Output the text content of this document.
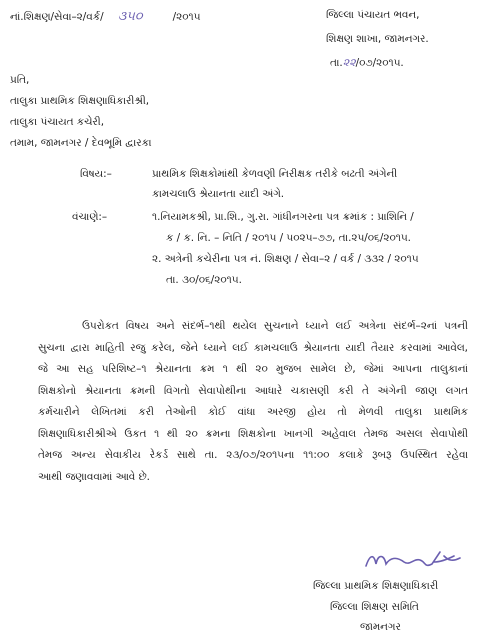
નાં.શિક્ષણ/સેવા–૨/વર્ક/ ૩૫૦	/૨૦૧૫	જિલ્લા પંચાયત ભવન,
શિક્ષણ શાખા, જામનગર.
તા.૨૨/૦૭/૨૦૧૫.
પ્રતિ,
તાલુકા પ્રાથમિક શિક્ષણાધિકારીશ્રી,
તાલુકા પંચાયત કચેરી,
તમામ, જામનગર / દેવભૂમિ દ્વારકા
વિષય:–	પ્રાથમિક શિક્ષકોમાંથી કેળવણી નિરીક્ષક તરીકે બઢતી અંગેની
કામચલાઉ શ્રેયાનતા યાદી અંગે.
વંચાણે:–	૧.નિયામકશ્રી, પ્રા.શિ., ગુ.રા. ગાંધીનગરના પત્ર ક્રમાંક : પ્રાશિનિ /
ક / ક. નિ. – નિતિ / ૨૦૧૫ / ૫૦૨૫–૭૭, તા.૨૫/૦૬/૨૦૧૫.
૨. અત્રેની કચેરીના પત્ર નં. શિક્ષણ / સેવા–૨ / વર્ક / ૩૩૨ / ૨૦૧૫
તા. ૩૦/૦૬/૨૦૧૫.
ઉપરોકત વિષય અને સંદર્ભ–૧થી થયેલ સુચનાને ધ્યાને લઈ અત્રેના સંદર્ભ–૨નાં પત્રની
સુચના દ્વારા માહિતી રજુ કરેલ, જેને ધ્યાને લઈ કામચલાઉ શ્રેયાનતા યાદી તૈયાર કરવામાં આવેલ,
જે આ સહ પરિશિષ્ટ–૧ શ્રેયાનતા ક્રમ ૧ થી ૨૦ મુજબ સામેલ છે, જેમાં આપના તાલુકાનાં
શિક્ષકોનો શ્રેયાનતા ક્રમની વિગતો સેવાપોથીના આધારે ચકાસણી કરી તે અંગેની જાણ લગત
કર્મચારીને લેખિતમાં કરી તેઓની કોઈ વાંધા અરજી હોય તો મેળવી તાલુકા પ્રાથમિક
શિક્ષણાધિકારીશ્રીએ ઉકત ૧ થી ૨૦ ક્રમના શિક્ષકોના ખાનગી અહેવાલ તેમજ અસલ સેવાપોથી
તેમજ અન્ય સેવાકીય રેકર્ડ સાથે તા. ૨૩/૦૭/૨૦૧૫ના ૧૧:૦૦ કલાકે રૂબરૂ ઉપસ્થિત રહેવા
આથી જણાવવામાં આવે છે.
જિલ્લા પ્રાથમિક શિક્ષણાધિકારી
જિલ્લા શિક્ષણ સમિતિ
જામનગર
